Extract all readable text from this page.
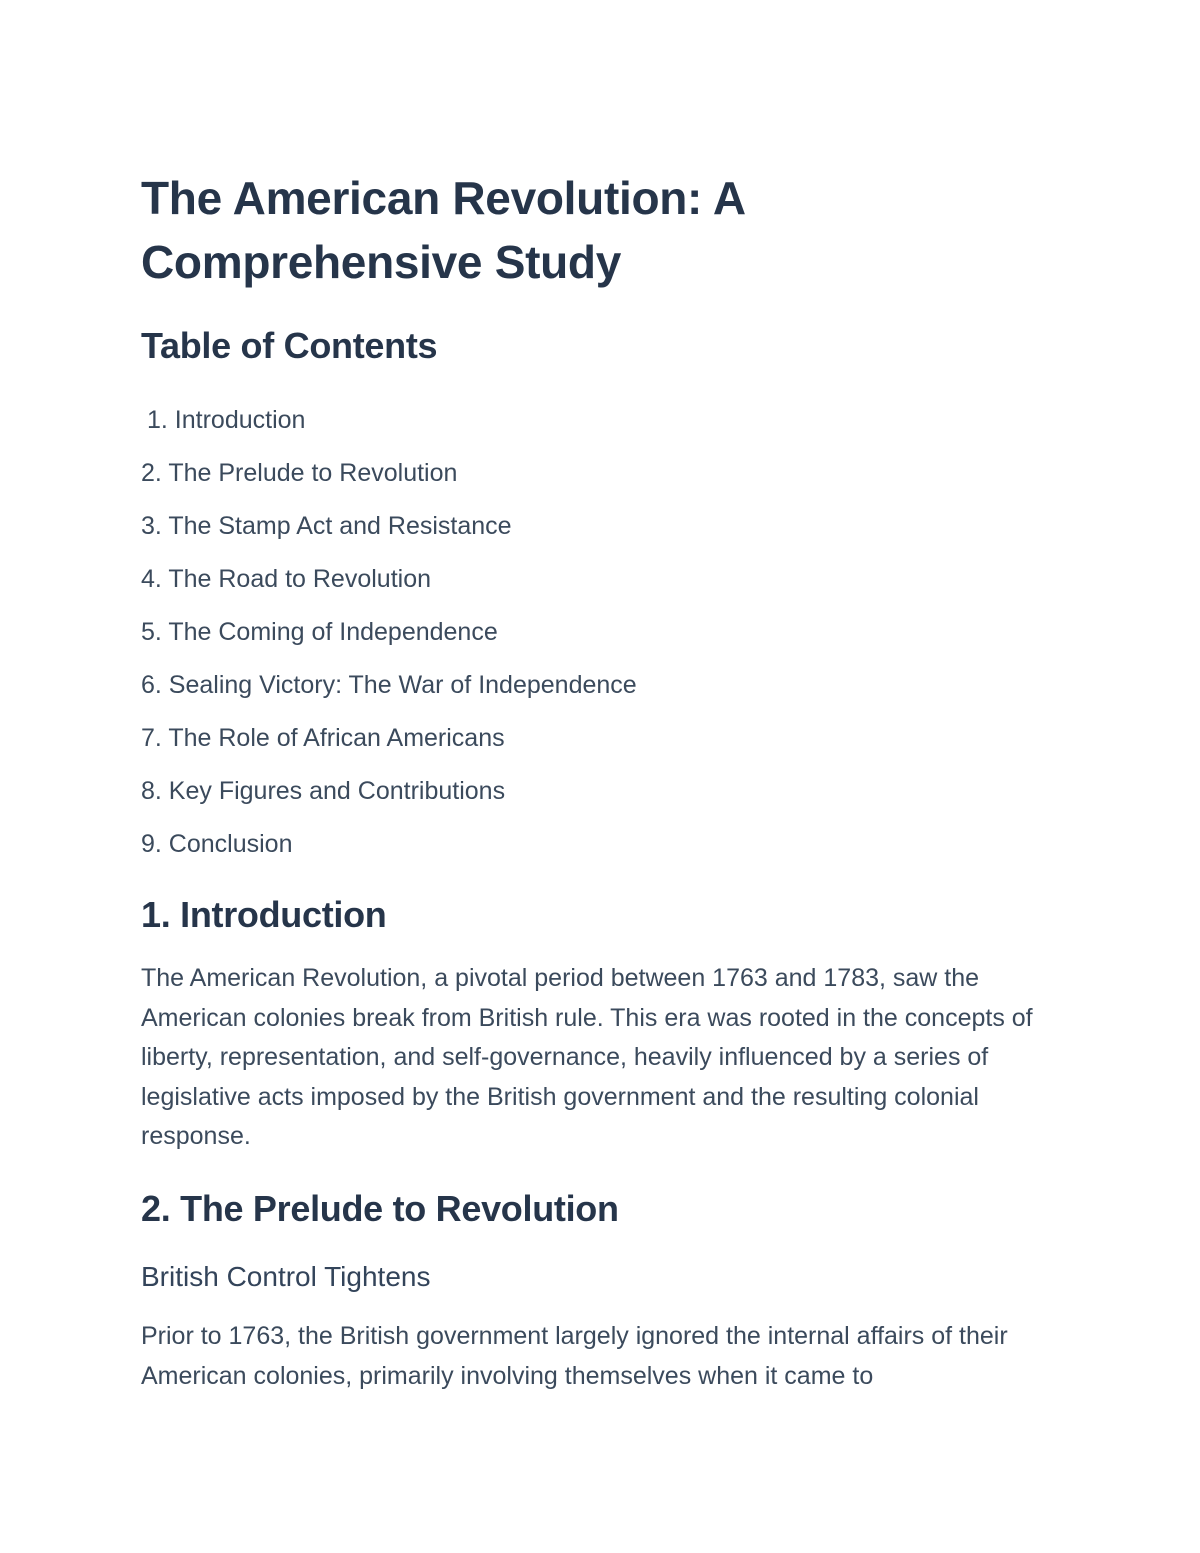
The American Revolution: A Comprehensive Study
Table of Contents
1. Introduction
2. The Prelude to Revolution
3. The Stamp Act and Resistance
4. The Road to Revolution
5. The Coming of Independence
6. Sealing Victory: The War of Independence
7. The Role of African Americans
8. Key Figures and Contributions
9. Conclusion
1. Introduction

The American Revolution, a pivotal period between 1763 and 1783, saw the American colonies break from British rule. This era was rooted in the concepts of liberty, representation, and self-governance, heavily influenced by a series of legislative acts imposed by the British government and the resulting colonial response.

2. The Prelude to Revolution
British Control Tightens

Prior to 1763, the British government largely ignored the internal affairs of their American colonies, primarily involving themselves when it came to
